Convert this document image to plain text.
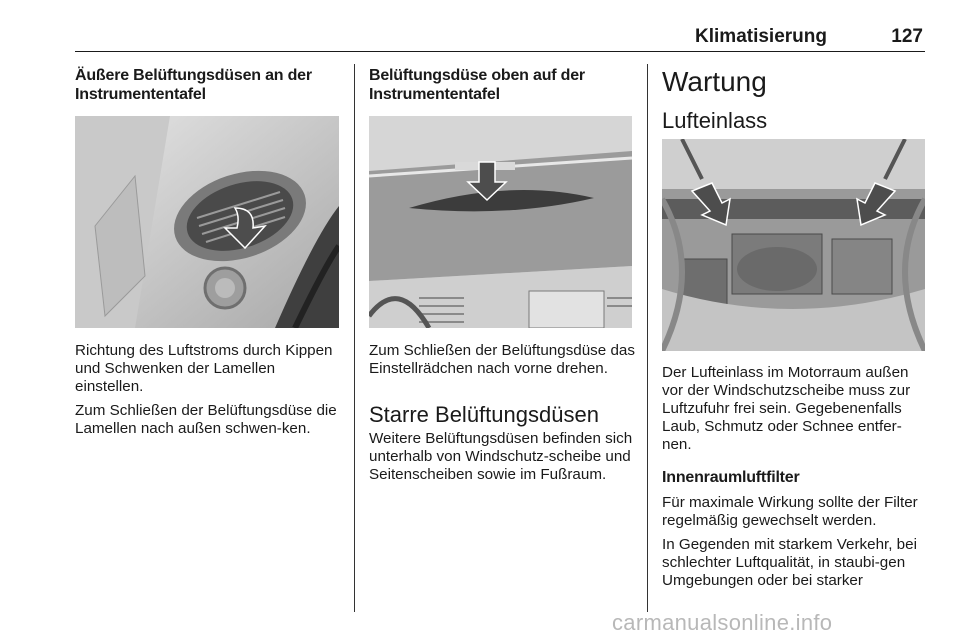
Klimatisierung	127
Äußere Belüftungsdüsen an der Instrumententafel

Richtung des Luftstroms durch Kippen und Schwenken der Lamellen einstellen.

Zum Schließen der Belüftungsdüse die Lamellen nach außen schwen-ken.

Belüftungsdüse oben auf der Instrumententafel

Zum Schließen der Belüftungsdüse das Einstellrädchen nach vorne drehen.

Starre Belüftungsdüsen

Weitere Belüftungsdüsen befinden sich unterhalb von Windschutz-scheibe und Seitenscheiben sowie im Fußraum.

Wartung
Lufteinlass

Der Lufteinlass im Motorraum außen vor der Windschutzscheibe muss zur Luftzufuhr frei sein. Gegebenenfalls Laub, Schmutz oder Schnee entfer-nen.

Innenraumluftfilter

Für maximale Wirkung sollte der Filter regelmäßig gewechselt werden.

In Gegenden mit starkem Verkehr, bei schlechter Luftqualität, in staubi-gen Umgebungen oder bei starker

carmanualsonline.info
